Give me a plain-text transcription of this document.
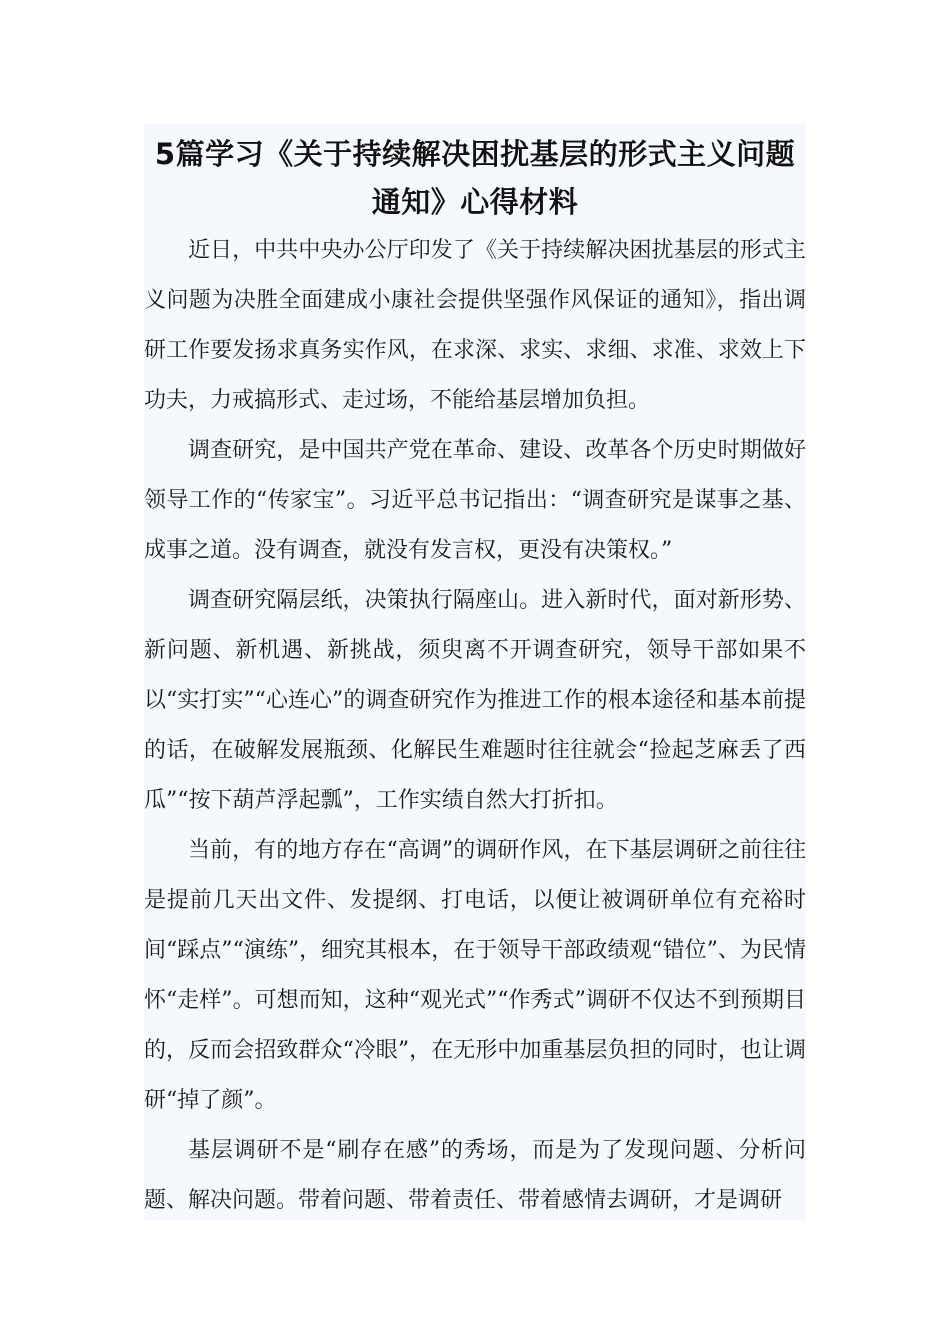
5篇学习《关于持续解决困扰基层的形式主义问题通知》心得材料

近日，中共中央办公厅印发了《关于持续解决困扰基层的形式主义问题为决胜全面建成小康社会提供坚强作风保证的通知》，指出调研工作要发扬求真务实作风，在求深、求实、求细、求准、求效上下功夫，力戒搞形式、走过场，不能给基层增加负担。

调查研究，是中国共产党在革命、建设、改革各个历史时期做好领导工作的“传家宝”。习近平总书记指出：“调查研究是谋事之基、成事之道。没有调查，就没有发言权，更没有决策权。”

调查研究隔层纸，决策执行隔座山。进入新时代，面对新形势、新问题、新机遇、新挑战，须臾离不开调查研究，领导干部如果不以“实打实”“心连心”的调查研究作为推进工作的根本途径和基本前提的话，在破解发展瓶颈、化解民生难题时往往就会“捡起芝麻丢了西瓜”“按下葫芦浮起瓢”，工作实绩自然大打折扣。

当前，有的地方存在“高调”的调研作风，在下基层调研之前往往是提前几天出文件、发提纲、打电话，以便让被调研单位有充裕时间“踩点”“演练”，细究其根本，在于领导干部政绩观“错位”、为民情怀“走样”。可想而知，这种“观光式”“作秀式”调研不仅达不到预期目的，反而会招致群众“冷眼”，在无形中加重基层负担的同时，也让调研“掉了颜”。

基层调研不是“刷存在感”的秀场，而是为了发现问题、分析问题、解决问题。带着问题、带着责任、带着感情去调研，才是调研
